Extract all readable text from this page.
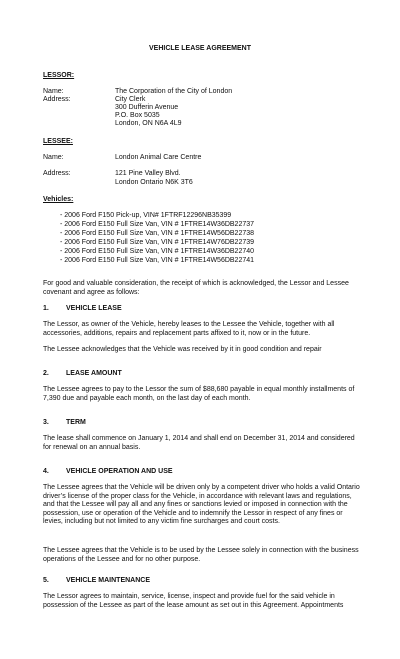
VEHICLE LEASE AGREEMENT
LESSOR:
Name:	The Corporation of the City of London
Address:	City Clerk
300 Dufferin Avenue
P.O. Box 5035
London, ON N6A 4L9
LESSEE:
Name:	London Animal Care Centre
Address:	121 Pine Valley Blvd.
London Ontario N6K 3T6
Vehicles:
- 2006 Ford F150 Pick-up, VIN# 1FTRF12296NB35399
- 2006 Ford E150 Full Size Van, VIN # 1FTRE14W36DB22737
- 2006 Ford E150 Full Size Van, VIN # 1FTRE14W56DB22738
- 2006 Ford E150 Full Size Van, VIN # 1FTRE14W76DB22739
- 2006 Ford E150 Full Size Van, VIN # 1FTRE14W36DB22740
- 2006 Ford E150 Full Size Van, VIN # 1FTRE14W56DB22741
For good and valuable consideration, the receipt of which is acknowledged, the Lessor and Lessee covenant and agree as follows:
1. VEHICLE LEASE
The Lessor, as owner of the Vehicle, hereby leases to the Lessee the Vehicle, together with all accessories, additions, repairs and replacement parts affixed to it, now or in the future.
The Lessee acknowledges that the Vehicle was received by it in good condition and repair
2. LEASE AMOUNT
The Lessee agrees to pay to the Lessor the sum of $88,680 payable in equal monthly installments of 7,390 due and payable each month, on the last day of each month.
3. TERM
The lease shall commence on January 1, 2014 and shall end on December 31, 2014 and considered for renewal on an annual basis.
4. VEHICLE OPERATION AND USE
The Lessee agrees that the Vehicle will be driven only by a competent driver who holds a valid Ontario driver’s license of the proper class for the Vehicle, in accordance with relevant laws and regulations, and that the Lessee will pay all and any fines or sanctions levied or imposed in connection with the possession, use or operation of the Vehicle and to indemnify the Lessor in respect of any fines or levies, including but not limited to any victim fine surcharges and court costs.
The Lessee agrees that the Vehicle is to be used by the Lessee solely in connection with the business operations of the Lessee and for no other purpose.
5. VEHICLE MAINTENANCE
The Lessor agrees to maintain, service, license, inspect and provide fuel for the said vehicle in possession of the Lessee as part of the lease amount as set out in this Agreement. Appointments
